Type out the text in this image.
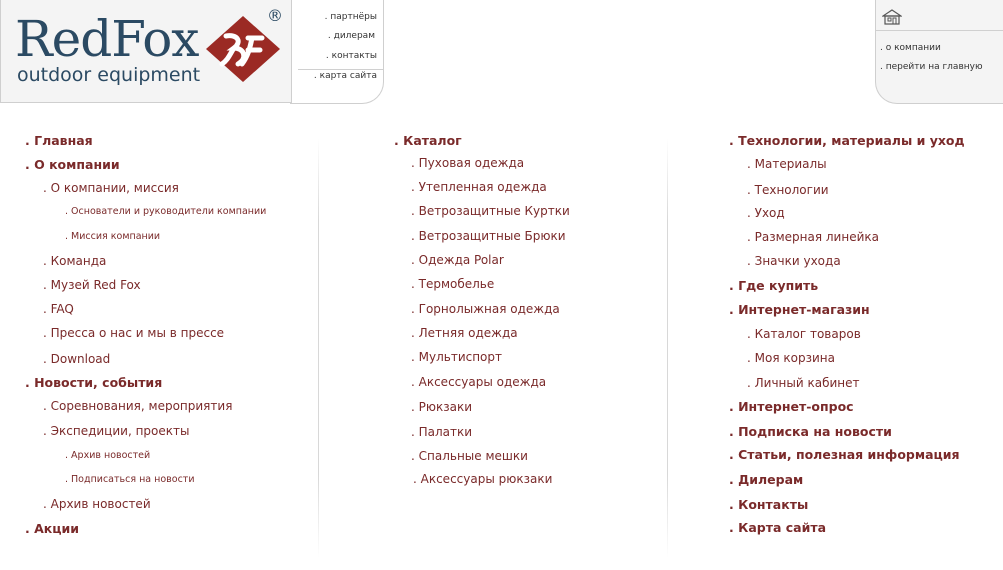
RedFox
outdoor equipment
®	. партнёры
. дилерам
. контакты
. карта сайта
. о компании
. перейти на главную
. Главная
. О компании
. О компании, миссия
. Основатели и руководители компании
. Миссия компании
. Команда
. Музей Red Fox
. FAQ
. Пресса о нас и мы в прессе
. Download
. Новости, события
. Соревнования, мероприятия
. Экспедиции, проекты
. Архив новостей
. Подписаться на новости
. Архив новостей
. Акции
. Каталог
. Пуховая одежда
. Утепленная одежда
. Ветрозащитные Куртки
. Ветрозащитные Брюки
. Одежда Polar
. Термобелье
. Горнолыжная одежда
. Летняя одежда
. Мультиспорт
. Аксессуары одежда
. Рюкзаки
. Палатки
. Спальные мешки
. Аксессуары рюкзаки
. Технологии, материалы и уход
. Материалы
. Технологии
. Уход
. Размерная линейка
. Значки ухода
. Где купить
. Интернет-магазин
. Каталог товаров
. Моя корзина
. Личный кабинет
. Интернет-опрос
. Подписка на новости
. Статьи, полезная информация
. Дилерам
. Контакты
. Карта сайта
